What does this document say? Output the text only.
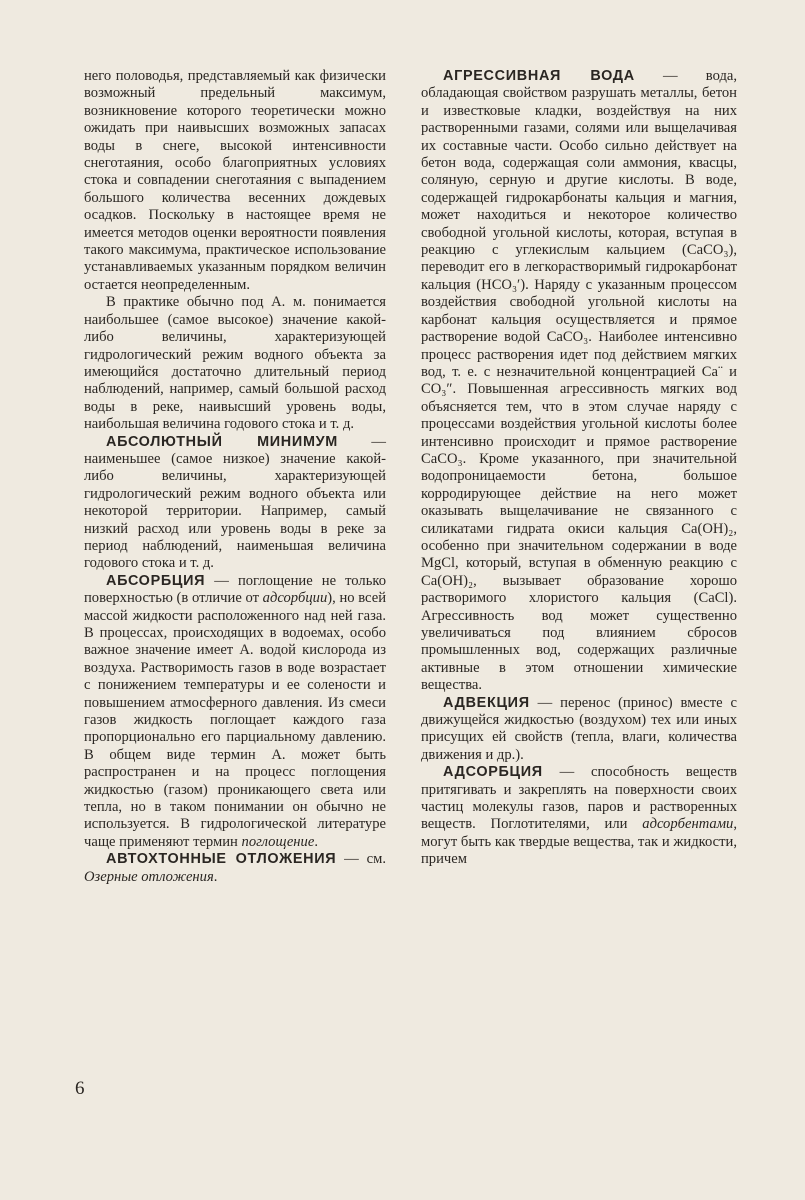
него половодья, представляемый как физически возможный предельный максимум, возникновение которого теоретически можно ожидать при наивысших возможных запасах воды в снеге, высокой интенсивности снеготаяния, особо благоприятных условиях стока и совпадении снеготаяния с выпадением большого количества весенних дождевых осадков. Поскольку в настоящее время не имеется методов оценки вероятности появления такого максимума, практическое использование устанавливаемых указанным порядком величин остается неопределенным.

В практике обычно под А. м. понимается наибольшее (самое высокое) значение какой-либо величины, характеризующей гидрологический режим водного объекта за имеющийся достаточно длительный период наблюдений, например, самый большой расход воды в реке, наивысший уровень воды, наибольшая величина годового стока и т. д.

АБСОЛЮТНЫЙ МИНИМУМ — наименьшее (самое низкое) значение какой-либо величины, характеризующей гидрологический режим водного объекта или некоторой территории. Например, самый низкий расход или уровень воды в реке за период наблюдений, наименьшая величина годового стока и т. д.

АБСОРБЦИЯ — поглощение не только поверхностью (в отличие от адсорбции), но всей массой жидкости расположенного над ней газа. В процессах, происходящих в водоемах, особо важное значение имеет А. водой кислорода из воздуха. Растворимость газов в воде возрастает с понижением температуры и ее солености и повышением атмосферного давления. Из смеси газов жидкость поглощает каждого газа пропорционально его парциальному давлению. В общем виде термин А. может быть распространен и на процесс поглощения жидкостью (газом) проникающего света или тепла, но в таком понимании он обычно не используется. В гидрологической литературе чаще применяют термин поглощение.

АВТОХТОННЫЕ ОТЛОЖЕНИЯ — см. Озерные отложения.

АГРЕССИВНАЯ ВОДА — вода, обладающая свойством разрушать металлы, бетон и известковые кладки, воздействуя на них растворенными газами, солями или выщелачивая их составные части. Особо сильно действует на бетон вода, содержащая соли аммония, квасцы, соляную, серную и другие кислоты. В воде, содержащей гидрокарбонаты кальция и магния, может находиться и некоторое количество свободной угольной кислоты, которая, вступая в реакцию с углекислым кальцием (CaCO₃), переводит его в легкорастворимый гидрокарбонат кальция (HCO₃′). Наряду с указанным процессом воздействия свободной угольной кислоты на карбонат кальция осуществляется и прямое растворение водой CaCO₃. Наиболее интенсивно процесс растворения идет под действием мягких вод, т. е. с незначительной концентрацией Ca¨ и CO₃″. Повышенная агрессивность мягких вод объясняется тем, что в этом случае наряду с процессами воздействия угольной кислоты более интенсивно происходит и прямое растворение CaCO₃. Кроме указанного, при значительной водопроницаемости бетона, большое корродирующее действие на него может оказывать выщелачивание не связанного с силикатами гидрата окиси кальция Ca(OH)₂, особенно при значительном содержании в воде MgCl, который, вступая в обменную реакцию с Ca(OH)₂, вызывает образование хорошо растворимого хлористого кальция (CaCl). Агрессивность вод может существенно увеличиваться под влиянием сбросов промышленных вод, содержащих различные активные в этом отношении химические вещества.

АДВЕКЦИЯ — перенос (принос) вместе с движущейся жидкостью (воздухом) тех или иных присущих ей свойств (тепла, влаги, количества движения и др.).

АДСОРБЦИЯ — способность веществ притягивать и закреплять на поверхности своих частиц молекулы газов, паров и растворенных веществ. Поглотителями, или адсорбентами, могут быть как твердые вещества, так и жидкости, причем

6
